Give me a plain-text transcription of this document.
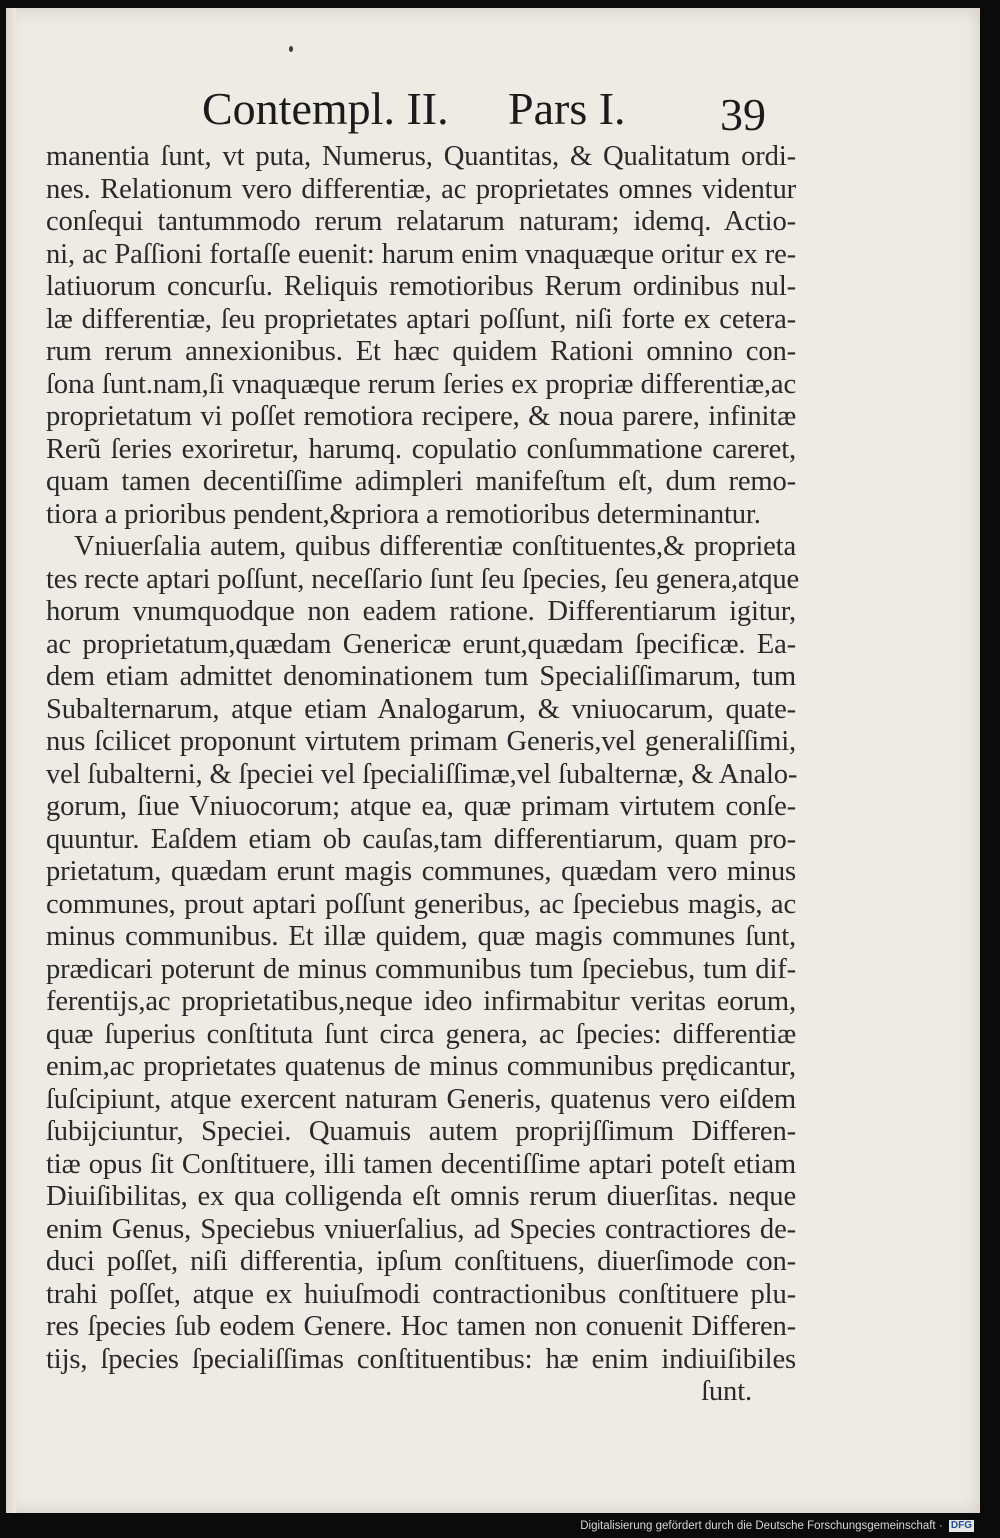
Contempl. II. Pars I. 39
manentia ſunt, vt puta, Numerus, Quantitas, & Qualitatum ordi-
nes. Relationum vero differentiæ, ac proprietates omnes videntur
conſequi tantummodo rerum relatarum naturam; idemq. Actio-
ni, ac Paſſioni fortaſſe euenit: harum enim vnaquæque oritur ex re-
latiuorum concurſu. Reliquis remotioribus Rerum ordinibus nul-
læ differentiæ, ſeu proprietates aptari poſſunt, niſi forte ex cetera-
rum rerum annexionibus. Et hæc quidem Rationi omnino con-
ſona ſunt.nam,ſi vnaquæque rerum ſeries ex propriæ differentiæ,ac
proprietatum vi poſſet remotiora recipere, & noua parere, infinitæ
Rerũ ſeries exoriretur, harumq. copulatio conſummatione careret,
quam tamen decentiſſime adimpleri manifeſtum eſt, dum remo-
tiora a prioribus pendent,&priora a remotioribus determinantur.
Vniuerſalia autem, quibus differentiæ conſtituentes,& proprieta
tes recte aptari poſſunt, neceſſario ſunt ſeu ſpecies, ſeu genera,atque
horum vnumquodque non eadem ratione. Differentiarum igitur,
ac proprietatum,quædam Genericæ erunt,quædam ſpecificæ. Ea-
dem etiam admittet denominationem tum Specialiſſimarum, tum
Subalternarum, atque etiam Analogarum, & vniuocarum, quate-
nus ſcilicet proponunt virtutem primam Generis,vel generaliſſimi,
vel ſubalterni, & ſpeciei vel ſpecialiſſimæ,vel ſubalternæ, & Analo-
gorum, ſiue Vniuocorum; atque ea, quæ primam virtutem conſe-
quuntur. Eaſdem etiam ob cauſas,tam differentiarum, quam pro-
prietatum, quædam erunt magis communes, quædam vero minus
communes, prout aptari poſſunt generibus, ac ſpeciebus magis, ac
minus communibus. Et illæ quidem, quæ magis communes ſunt,
prædicari poterunt de minus communibus tum ſpeciebus, tum dif-
ferentijs,ac proprietatibus,neque ideo infirmabitur veritas eorum,
quæ ſuperius conſtituta ſunt circa genera, ac ſpecies: differentiæ
enim,ac proprietates quatenus de minus communibus prędicantur,
ſuſcipiunt, atque exercent naturam Generis, quatenus vero eiſdem
ſubijciuntur, Speciei. Quamuis autem proprijſſimum Differen-
tiæ opus ſit Conſtituere, illi tamen decentiſſime aptari poteſt etiam
Diuiſibilitas, ex qua colligenda eſt omnis rerum diuerſitas. neque
enim Genus, Speciebus vniuerſalius, ad Species contractiores de-
duci poſſet, niſi differentia, ipſum conſtituens, diuerſimode con-
trahi poſſet, atque ex huiuſmodi contractionibus conſtituere plu-
res ſpecies ſub eodem Genere. Hoc tamen non conuenit Differen-
tijs, ſpecies ſpecialiſſimas conſtituentibus: hæ enim indiuiſibiles
ſunt.
Digitalisierung gefördert durch die Deutsche Forschungsgemeinschaft · DFG
